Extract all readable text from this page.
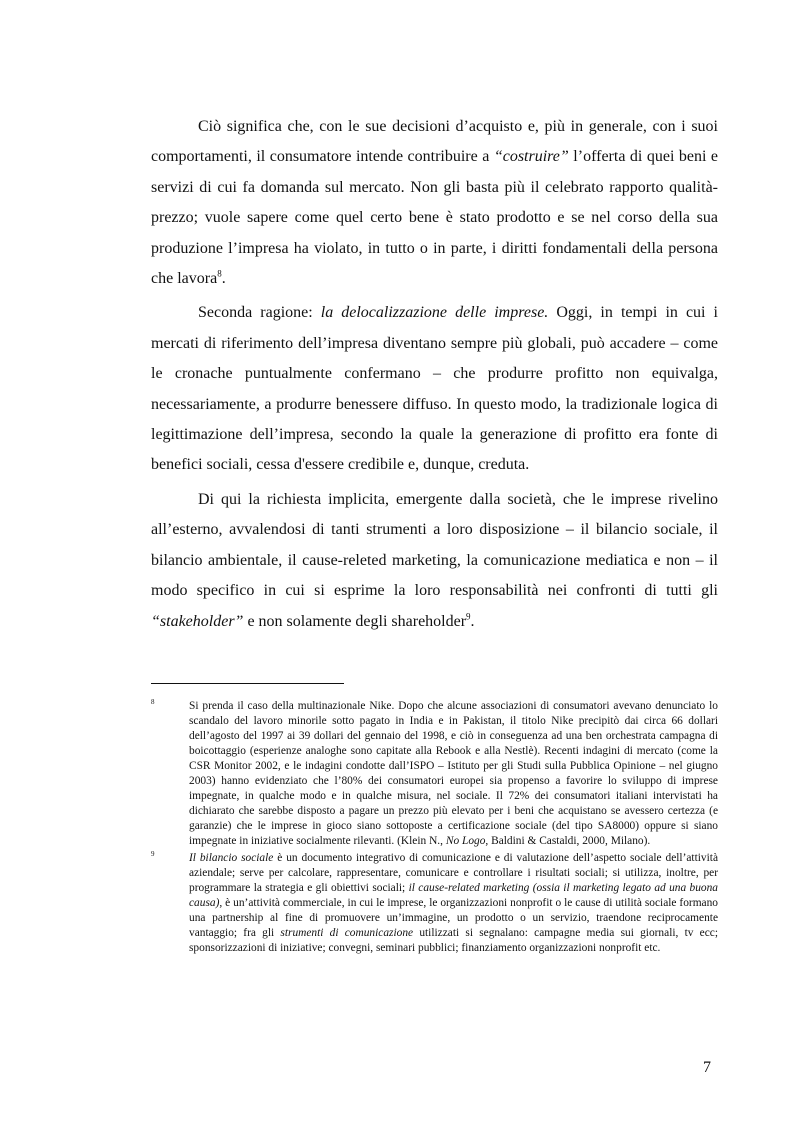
Ciò significa che, con le sue decisioni d’acquisto e, più in generale, con i suoi comportamenti, il consumatore intende contribuire a “costruire” l’offerta di quei beni e servizi di cui fa domanda sul mercato. Non gli basta più il celebrato rapporto qualità-prezzo; vuole sapere come quel certo bene è stato prodotto e se nel corso della sua produzione l’impresa ha violato, in tutto o in parte, i diritti fondamentali della persona che lavora$^8$.

Seconda ragione: la delocalizzazione delle imprese. Oggi, in tempi in cui i mercati di riferimento dell’impresa diventano sempre più globali, può accadere – come le cronache puntualmente confermano – che produrre profitto non equivalga, necessariamente, a produrre benessere diffuso. In questo modo, la tradizionale logica di legittimazione dell’impresa, secondo la quale la generazione di profitto era fonte di benefici sociali, cessa d'essere credibile e, dunque, creduta.

Di qui la richiesta implicita, emergente dalla società, che le imprese rivelino all’esterno, avvalendosi di tanti strumenti a loro disposizione – il bilancio sociale, il bilancio ambientale, il cause-releted marketing, la comunicazione mediatica e non – il modo specifico in cui si esprime la loro responsabilità nei confronti di tutti gli “stakeholder” e non solamente degli shareholder$^9$.

8	Si prenda il caso della multinazionale Nike. Dopo che alcune associazioni di consumatori avevano denunciato lo scandalo del lavoro minorile sotto pagato in India e in Pakistan, il titolo Nike precipitò dai circa 66 dollari dell’agosto del 1997 ai 39 dollari del gennaio del 1998, e ciò in conseguenza ad una ben orchestrata campagna di boicottaggio (esperienze analoghe sono capitate alla Rebook e alla Nestlè). Recenti indagini di mercato (come la CSR Monitor 2002, e le indagini condotte dall’ISPO – Istituto per gli Studi sulla Pubblica Opinione – nel giugno 2003) hanno evidenziato che l’80% dei consumatori europei sia propenso a favorire lo sviluppo di imprese impegnate, in qualche modo e in qualche misura, nel sociale. Il 72% dei consumatori italiani intervistati ha dichiarato che sarebbe disposto a pagare un prezzo più elevato per i beni che acquistano se avessero certezza (e garanzie) che le imprese in gioco siano sottoposte a certificazione sociale (del tipo SA8000) oppure si siano impegnate in iniziative socialmente rilevanti. (Klein N., No Logo, Baldini & Castaldi, 2000, Milano).

9	Il bilancio sociale è un documento integrativo di comunicazione e di valutazione dell’aspetto sociale dell’attività aziendale; serve per calcolare, rappresentare, comunicare e controllare i risultati sociali; si utilizza, inoltre, per programmare la strategia e gli obiettivi sociali; il cause-related marketing (ossia il marketing legato ad una buona causa), è un’attività commerciale, in cui le imprese, le organizzazioni nonprofit o le cause di utilità sociale formano una partnership al fine di promuovere un’immagine, un prodotto o un servizio, traendone reciprocamente vantaggio; fra gli strumenti di comunicazione utilizzati si segnalano: campagne media sui giornali, tv ecc; sponsorizzazioni di iniziative; convegni, seminari pubblici; finanziamento organizzazioni nonprofit etc.

7
